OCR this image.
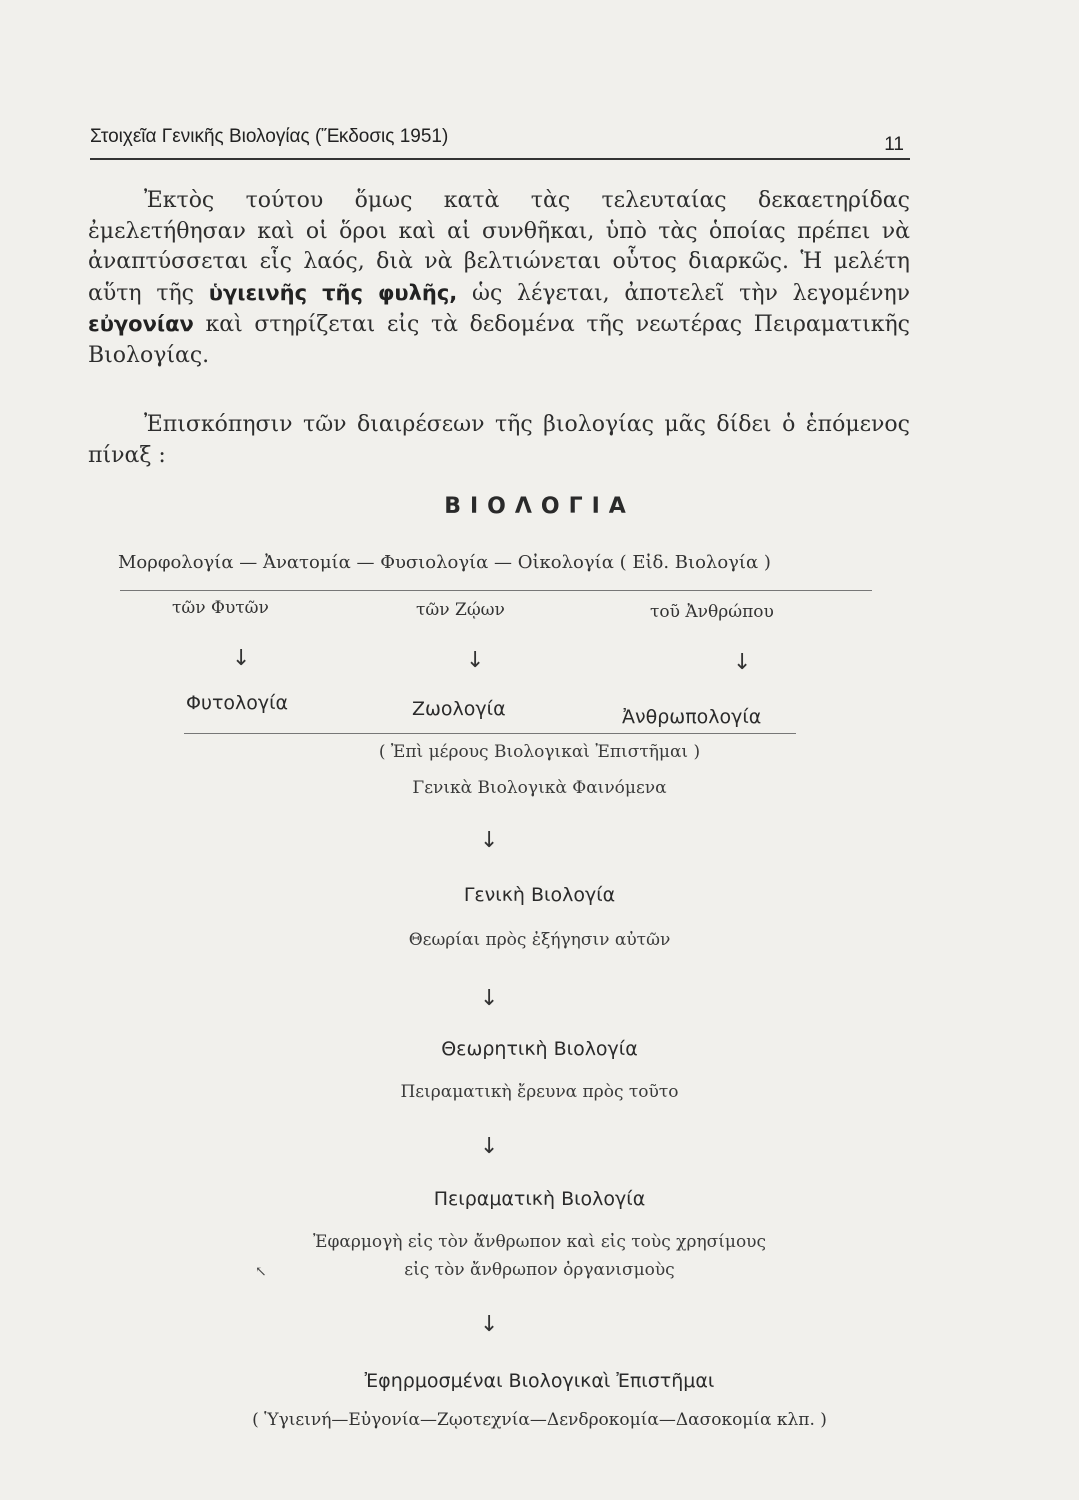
Στοιχεῖα Γενικῆς Βιολογίας (Ἔκδοσις 1951)	11
Ἐκτὸς τούτου ὅμως κατὰ τὰς τελευταίας δεκαετηρίδας ἐμελετήθησαν καὶ οἱ ὅροι καὶ αἱ συνθῆκαι, ὑπὸ τὰς ὁποίας πρέπει νὰ ἀναπτύσσεται εἷς λαός, διὰ νὰ βελτιώνεται οὗτος διαρκῶς. Ἡ μελέτη αὕτη τῆς ὑγιεινῆς τῆς φυλῆς, ὡς λέγεται, ἀποτελεῖ τὴν λεγομένην εὐγονίαν καὶ στηρίζεται εἰς τὰ δεδομένα τῆς νεωτέρας Πειραματικῆς Βιολογίας.
Ἐπισκόπησιν τῶν διαιρέσεων τῆς βιολογίας μᾶς δίδει ὁ ἑπόμενος πίναξ :
ΒΙΟΛΟΓΙΑ
Μορφολογία — Ἀνατομία — Φυσιολογία — Οἰκολογία ( Εἰδ. Βιολογία )
τῶν Φυτῶν	τῶν Ζῴων	τοῦ Ἀνθρώπου
↓	↓	↓
Φυτολογία	Ζωολογία	Ἀνθρωπολογία
( Ἐπὶ μέρους Βιολογικαὶ Ἐπιστῆμαι )
Γενικὰ Βιολογικὰ Φαινόμενα
↓
Γενικὴ Βιολογία
Θεωρίαι πρὸς ἐξήγησιν αὐτῶν
↓
Θεωρητικὴ Βιολογία
Πειραματικὴ ἔρευνα πρὸς τοῦτο
↓
Πειραματικὴ Βιολογία
Ἐφαρμογὴ εἰς τὸν ἄνθρωπον καὶ εἰς τοὺς χρησίμους
εἰς τὸν ἄνθρωπον ὀργανισμοὺς
↖
↓
Ἐφηρμοσμέναι Βιολογικαὶ Ἐπιστῆμαι
( Ὑγιεινή—Εὐγονία—Ζῳοτεχνία—Δενδροκομία—Δασοκομία κλπ. )
